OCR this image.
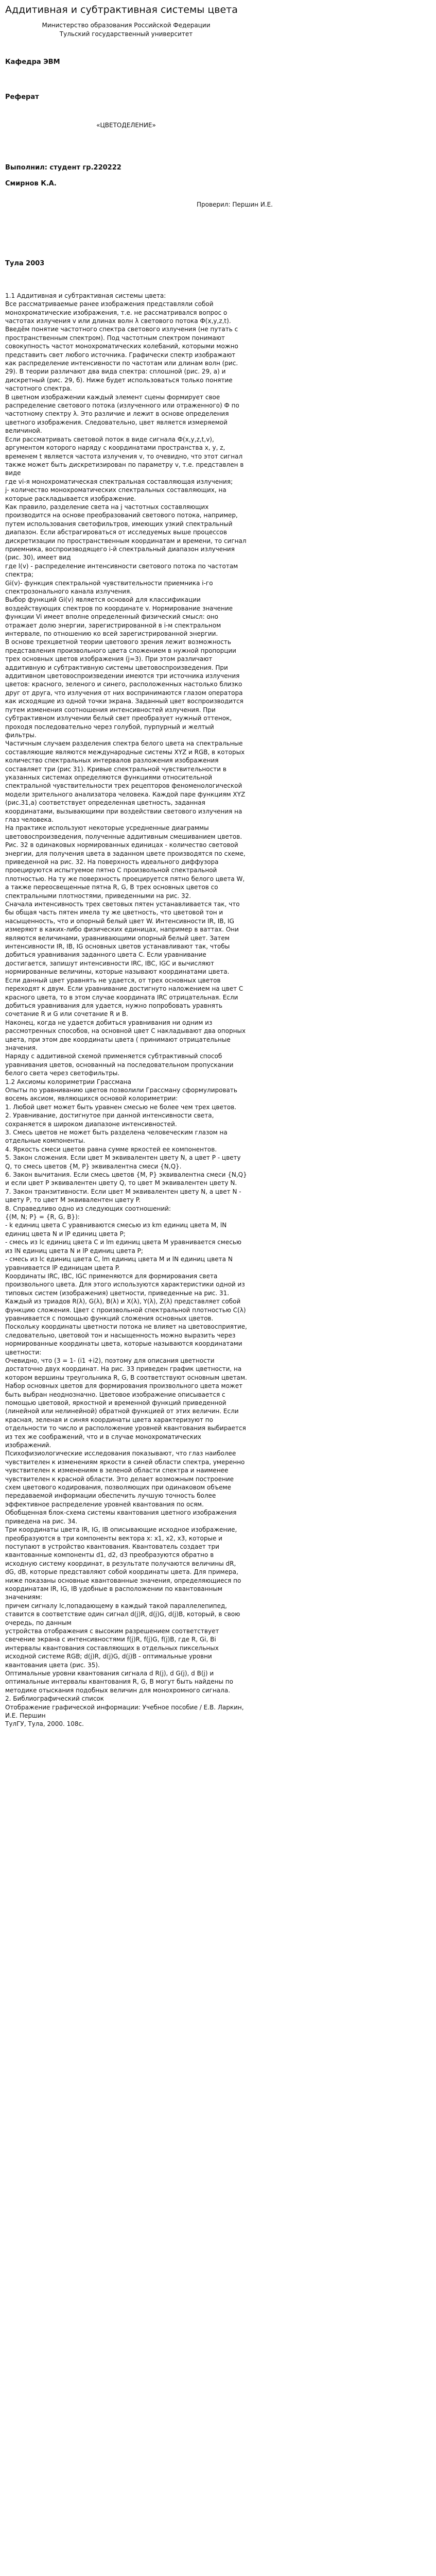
Аддитивная и субтрактивная системы цвета

Министерство образования Российской Федерации

Тульский государственный университет

Кафедра ЭВМ

Реферат

«ЦВЕТОДЕЛЕНИЕ»

Выполнил: студент гр.220222

Смирнов К.А.

Проверил: Першин И.Е.

Тула 2003

1.1 Аддитивная и субтрактивная системы цвета:

Все рассматриваемые ранее изображения представляли собой монохроматические изображения, т.е. не рассматривался вопрос о частотах излучения v или длинах волн λ светового потока Ф(x,y,z,t). Введём понятие частотного спектра светового излучения (не путать с пространственным спектром). Под частотным спектром понимают совокупность частот монохроматических колебаний, которыми можно представить свет любого источника. Графически спектр изображают как распределение интенсивности по частотам или длинам волн (рис. 29). В теории различают два вида спектра: сплошной (рис. 29, а) и дискретный (рис. 29, б). Ниже будет использоваться только понятие частотного спектра.

В цветном изображении каждый элемент сцены формирует свое распределение светового потока (излученного или отраженного) Ф по частотному спектру λ. Это различие и лежит в основе определения цветного изображения. Следовательно, цвет является измеряемой величиной.

Если рассматривать световой поток в виде сигнала Ф(x,y,z,t,v), аргументом которого наряду с координатами пространства x, y, z, временем t является частота излучения v, то очевидно, что этот сигнал также может быть дискретизирован по параметру v, т.е. представлен в виде

где vi-я монохроматическая спектральная составляющая излучения;

j- количество монохроматических спектральных составляющих, на которые раскладывается изображение.

Как правило, разделение света на j частотных составляющих производится на основе преобразований светового потока, например, путем использования светофильтров, имеющих узкий спектральный диапазон. Если абстрагироваться от исследуемых выше процессов дискретизации по пространственным координатам и времени, то сигнал приемника, воспроизводящего i-й спектральный диапазон излучения (рис. 30), имеет вид

где l(v) - распределение интенсивности светового потока по частотам спектра;

Gi(v)- функция спектральной чувствительности приемника i-го спектрозонального канала излучения.

Выбор функций Gi(v) является основой для классификации воздействующих спектров по координате v. Нормирование значение функции Vi имеет вполне определенный физический смысл: оно отражает долю энергии, зарегистрированной в i-м спектральном интервале, по отношению ко всей зарегистрированной энергии.

В основе трехцветной теории цветового зрения лежит возможность представления произвольного цвета сложением в нужной пропорции трех основных цветов изображения (j=3). При этом различают аддитивную и субтрактивную системы цветовоспроизведения. При аддитивном цветовоспроизведении имеются три источника излучения цветов: красного, зеленого и синего, расположенных настолько близко друг от друга, что излучения от них воспринимаются глазом оператора как исходящие из одной точки экрана. Заданный цвет воспроизводится путем изменения соотношения интенсивностей излучения. При субтрактивном излучении белый свет преобразует нужный оттенок, проходя последовательно через голубой, пурпурный и желтый фильтры.

Частичным случаем разделения спектра белого цвета на спектральные составляющие являются международные системы XYZ и RGB, в которых количество спектральных интервалов разложения изображения составляет три (рис 31). Кривые спектральной чувствительности в указанных системах определяются функциями относительной спектральной чувствительности трех рецепторов феноменологической модели зрительного анализатора человека. Каждой паре функциям XYZ (рис.31,а) соответствует определенная цветность, заданная координатами, вызывающими при воздействии светового излучения на глаз человека.

На практике используют некоторые усредненные диаграммы цветовоспроизведения, полученные аддитивным смешиванием цветов. Рис. 32 в одинаковых нормированных единицах - количество световой энергии, для получения цвета в заданном цвете производятся по схеме, приведенной на рис. 32. На поверхность идеального диффузора проецируются испытуемое пятно С произвольной спектральной плотностью. На ту же поверхность проецируется пятно белого цвета W, а также переосвещенные пятна R, G, B трех основных цветов со спектральными плотностями, приведенными на рис. 32.

Сначала интенсивность трех световых пятен устанавливается так, что бы общая часть пятен имела ту же цветность, что цветовой тон и насыщенность, что и опорный белый цвет W. Интенсивности IR, IB, IG измеряют в каких-либо физических единицах, например в ваттах. Они являются величинами, уравнивающими опорный белый цвет. Затем интенсивности IR, IB, IG основных цветов устанавливают так, чтобы добиться уравнивания заданного цвета С. Если уравнивание достигается, запишут интенсивности IRC, IBC, IGC и вычисляют нормированные величины, которые называют координатами цвета.

Если данный цвет уравнять не удается, от трех основных цветов переходят к двум. Если уравнивание достигнуто наложением на цвет С красного цвета, то в этом случае координата IRC отрицательная. Если добиться уравнивания для удается, нужно попробовать уравнять сочетание R и G или сочетание R и B.

Наконец, когда не удается добиться уравнивания ни одним из рассмотренных способов, на основной цвет С накладывают два опорных цвета, при этом две координаты цвета ( принимают отрицательные значения.

Наряду с аддитивной схемой применяется субтрактивный способ уравнивания цветов, основанный на последовательном пропускании белого света через светофильтры.

1.2 Аксиомы колориметрии Грассмана

Опыты по уравниванию цветов позволили Грассману сформулировать восемь аксиом, являющихся основой колориметрии:

1. Любой цвет может быть уравнен смесью не более чем трех цветов.

2. Уравнивание, достигнутое при данной интенсивности света, сохраняется в широком диапазоне интенсивностей.

3. Смесь цветов не может быть разделена человеческим глазом на отдельные компоненты.

4. Яркость смеси цветов равна сумме яркостей ее компонентов.

5. Закон сложения. Если цвет М эквивалентен цвету N, а цвет P - цвету Q, то смесь цветов {M, P} эквивалентна смеси {N,Q}.

6. Закон вычитания. Если смесь цветов {M, P} эквивалентна смеси {N,Q} и если цвет P эквивалентен цвету Q, то цвет M эквивалентен цвету N.

7. Закон транзитивности. Если цвет M эквивалентен цвету N, а цвет N - цвету P, то цвет M эквивалентен цвету P.

8. Справедливо одно из следующих соотношений:

{(M, N; P} = {R, G, B}):

- k единиц цвета C уравниваются смесью из km единиц цвета M, lN единиц цвета N и lP единиц цвета P;

- смесь из lc единиц цвета C и lm единиц цвета M уравнивается смесью из lN единиц цвета N и lP единиц цвета P;

- смесь из lc единиц цвета C, lm единиц цвета M и lN единиц цвета N уравнивается lP единицам цвета P.

Координаты IRC, IBC, IGC применяются для формирования света произвольного цвета. Для этого используются характеристики одной из типовых систем (изображения) цветности, приведенные на рис. 31. Каждый из триадов R(λ), G(λ), B(λ) и X(λ), Y(λ), Z(λ) представляет собой функцию сложения. Цвет с произвольной спектральной плотностью C(λ) уравнивается с помощью функций сложения основных цветов. Поскольку координаты цветности потока не влияет на цветовосприятие, следовательно, цветовой тон и насыщенность можно выразить через нормированные координаты цвета, которые называются координатами цветности:

Очевидно, что (3 = 1- (i1 +i2), поэтому для описания цветности достаточно двух координат. На рис. 33 приведен график цветности, на котором вершины треугольника R, G, B соответствуют основным цветам.

Набор основных цветов для формирования произвольного цвета может быть выбран неоднозначно. Цветовое изображение описывается с помощью цветовой, яркостной и временной функций приведенной (линейной или нелинейной) обратной функцией от этих величин. Если красная, зеленая и синяя координаты цвета характеризуют по отдельности то число и расположение уровней квантования выбирается из тех же соображений, что и в случае монохроматических изображений.

Психофизиологические исследования показывают, что глаз наиболее чувствителен к изменениям яркости в синей области спектра, умеренно чувствителен к изменениям в зеленой области спектра и наименее чувствителен к красной области. Это делает возможным построение схем цветового кодирования, позволяющих при одинаковом объеме передаваемой информации обеспечить лучшую точность более эффективное распределение уровней квантования по осям. Обобщенная блок-схема системы квантования цветного изображения приведена на рис. 34.

Три координаты цвета IR, IG, IB описывающие исходное изображение, преобразуются в три компоненты вектора x: x1, x2, x3, которые и поступают в устройство квантования. Квантователь создает три квантованные компоненты d1, d2, d3 преобразуются обратно в исходную систему координат, в результате получаются величины dR, dG, dB, которые представляют собой координаты цвета. Для примера, ниже показаны основные квантованные значения, определяющиеся по координатам IR, IG, IB удобные в расположении по квантованным значениям:

причем сигналу Ic,попадающему в каждый такой параллелепипед, ставится в соответствие один сигнал d(j)R, d(j)G, d(j)B, который, в свою очередь, по данным

устройства отображения с высоким разрешением соответствует свечение экрана с интенсивностями f(j)R, f(j)G, f(j)B, где R, Gi, Bi интервалы квантования составляющих в отдельных пиксельных исходной системе RGB; d(j)R, d(j)G, d(j)B - оптимальные уровни квантования цвета (рис. 35).

Оптимальные уровни квантования сигнала d R(j), d G(j), d B(j) и оптимальные интервалы квантования R, G, B могут быть найдены по методике отыскания подобных величин для монохромного сигнала.

2. Библиографический список

Отображение графической информации: Учебное пособие / Е.В. Ларкин, И.Е. Першин

ТулГУ, Тула, 2000. 108с.
